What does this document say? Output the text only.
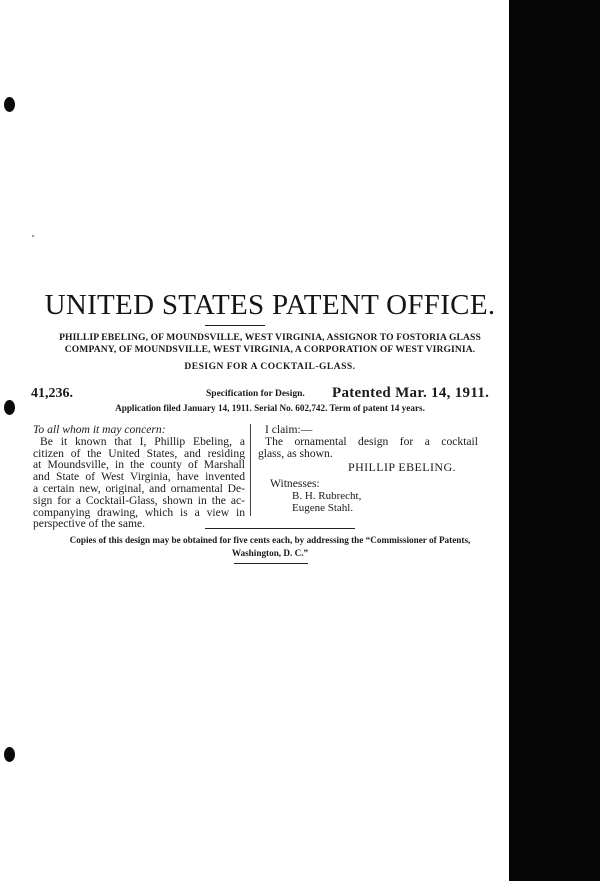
UNITED STATES PATENT OFFICE.
PHILLIP EBELING, OF MOUNDSVILLE, WEST VIRGINIA, ASSIGNOR TO FOSTORIA GLASS
COMPANY, OF MOUNDSVILLE, WEST VIRGINIA, A CORPORATION OF WEST VIRGINIA.
DESIGN FOR A COCKTAIL-GLASS.
41,236.	Specification for Design. Patented Mar. 14, 1911.
Application filed January 14, 1911. Serial No. 602,742. Term of patent 14 years.
To all whom it may concern:
Be it known that I, Phillip Ebeling, a
citizen of the United States, and residing
at Moundsville, in the county of Marshall
and State of West Virginia, have invented
a certain new, original, and ornamental De-
sign for a Cocktail-Glass, shown in the ac-
companying drawing, which is a view in
perspective of the same.
I claim:—
The ornamental design for a cocktail
glass, as shown.
PHILLIP EBELING.
Witnesses:
B. H. Rubrecht,
Eugene Stahl.
Copies of this design may be obtained for five cents each, by addressing the “Commissioner of Patents,
Washington, D. C.”
